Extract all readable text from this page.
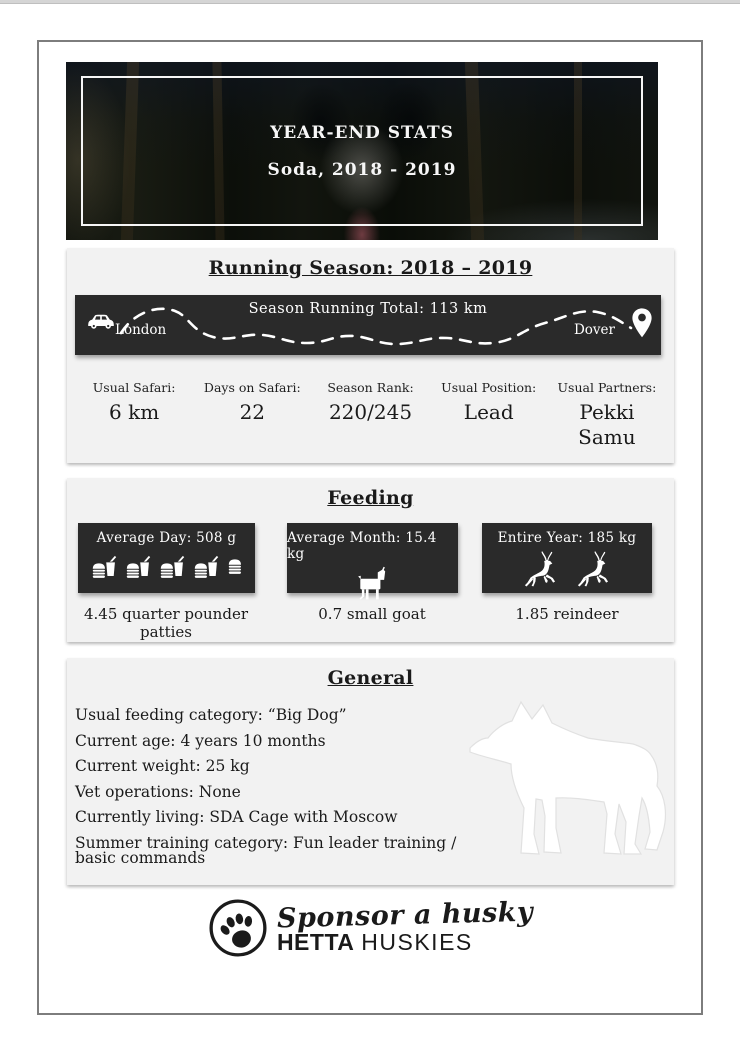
YEAR-END STATS
Soda, 2018 - 2019
Running Season: 2018 – 2019
Season Running Total: 113 km
London	Dover
Usual Safari:
6 km
Days on Safari:
22
Season Rank:
220/245
Usual Position:
Lead
Usual Partners:
Pekki
Samu
Feeding
Average Day: 508 g	Average Month: 15.4 kg
Entire Year: 185 kg
4.45 quarter pounder patties
0.7 small goat	1.85 reindeer
General

Usual feeding category: “Big Dog”

Current age: 4 years 10 months

Current weight: 25 kg

Vet operations: None

Currently living: SDA Cage with Moscow

Summer training category: Fun leader training / basic commands

Sponsor a husky
HETTA HUSKIES
